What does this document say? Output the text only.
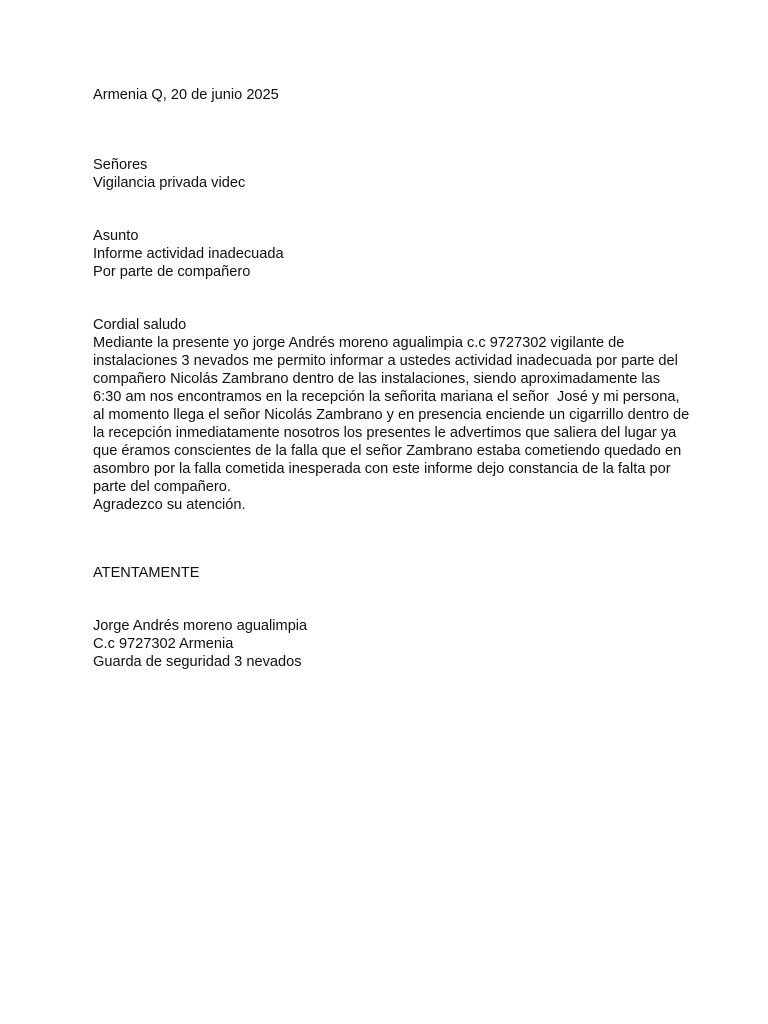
Armenia Q, 20 de junio 2025
Señores
Vigilancia privada videc
Asunto
Informe actividad inadecuada
Por parte de compañero
Cordial saludo
Mediante la presente yo jorge Andrés moreno agualimpia c.c 9727302 vigilante de
instalaciones 3 nevados me permito informar a ustedes actividad inadecuada por parte del
compañero Nicolás Zambrano dentro de las instalaciones, siendo aproximadamente las
6:30 am nos encontramos en la recepción la señorita mariana el señor  José y mi persona,
al momento llega el señor Nicolás Zambrano y en presencia enciende un cigarrillo dentro de
la recepción inmediatamente nosotros los presentes le advertimos que saliera del lugar ya
que éramos conscientes de la falla que el señor Zambrano estaba cometiendo quedado en
asombro por la falla cometida inesperada con este informe dejo constancia de la falta por
parte del compañero.
Agradezco su atención.
ATENTAMENTE
Jorge Andrés moreno agualimpia
C.c 9727302 Armenia
Guarda de seguridad 3 nevados
